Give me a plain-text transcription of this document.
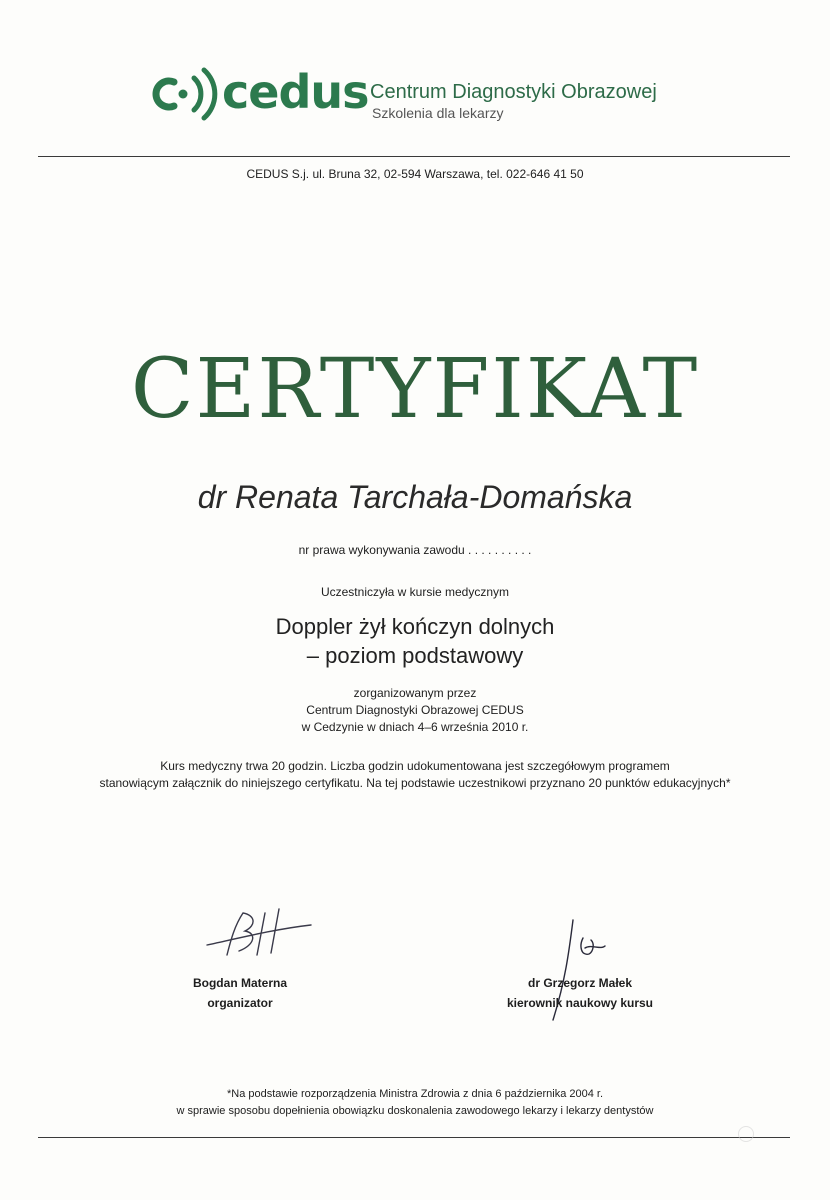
cedus Centrum Diagnostyki Obrazowej
Szkolenia dla lekarzy
CEDUS S.j. ul. Bruna 32, 02-594 Warszawa, tel. 022-646 41 50
CERTYFIKAT
dr Renata Tarchała-Domańska
nr prawa wykonywania zawodu . . . . . . . . . .
Uczestniczyła w kursie medycznym
Doppler żył kończyn dolnych
– poziom podstawowy
zorganizowanym przez
Centrum Diagnostyki Obrazowej CEDUS
w Cedzynie w dniach 4–6 września 2010 r.
Kurs medyczny trwa 20 godzin. Liczba godzin udokumentowana jest szczegółowym programem
stanowiącym załącznik do niniejszego certyfikatu. Na tej podstawie uczestnikowi przyznano 20 punktów edukacyjnych*
Bogdan Materna
organizator
dr Grzegorz Małek
kierownik naukowy kursu
*Na podstawie rozporządzenia Ministra Zdrowia z dnia 6 października 2004 r.
w sprawie sposobu dopełnienia obowiązku doskonalenia zawodowego lekarzy i lekarzy dentystów
